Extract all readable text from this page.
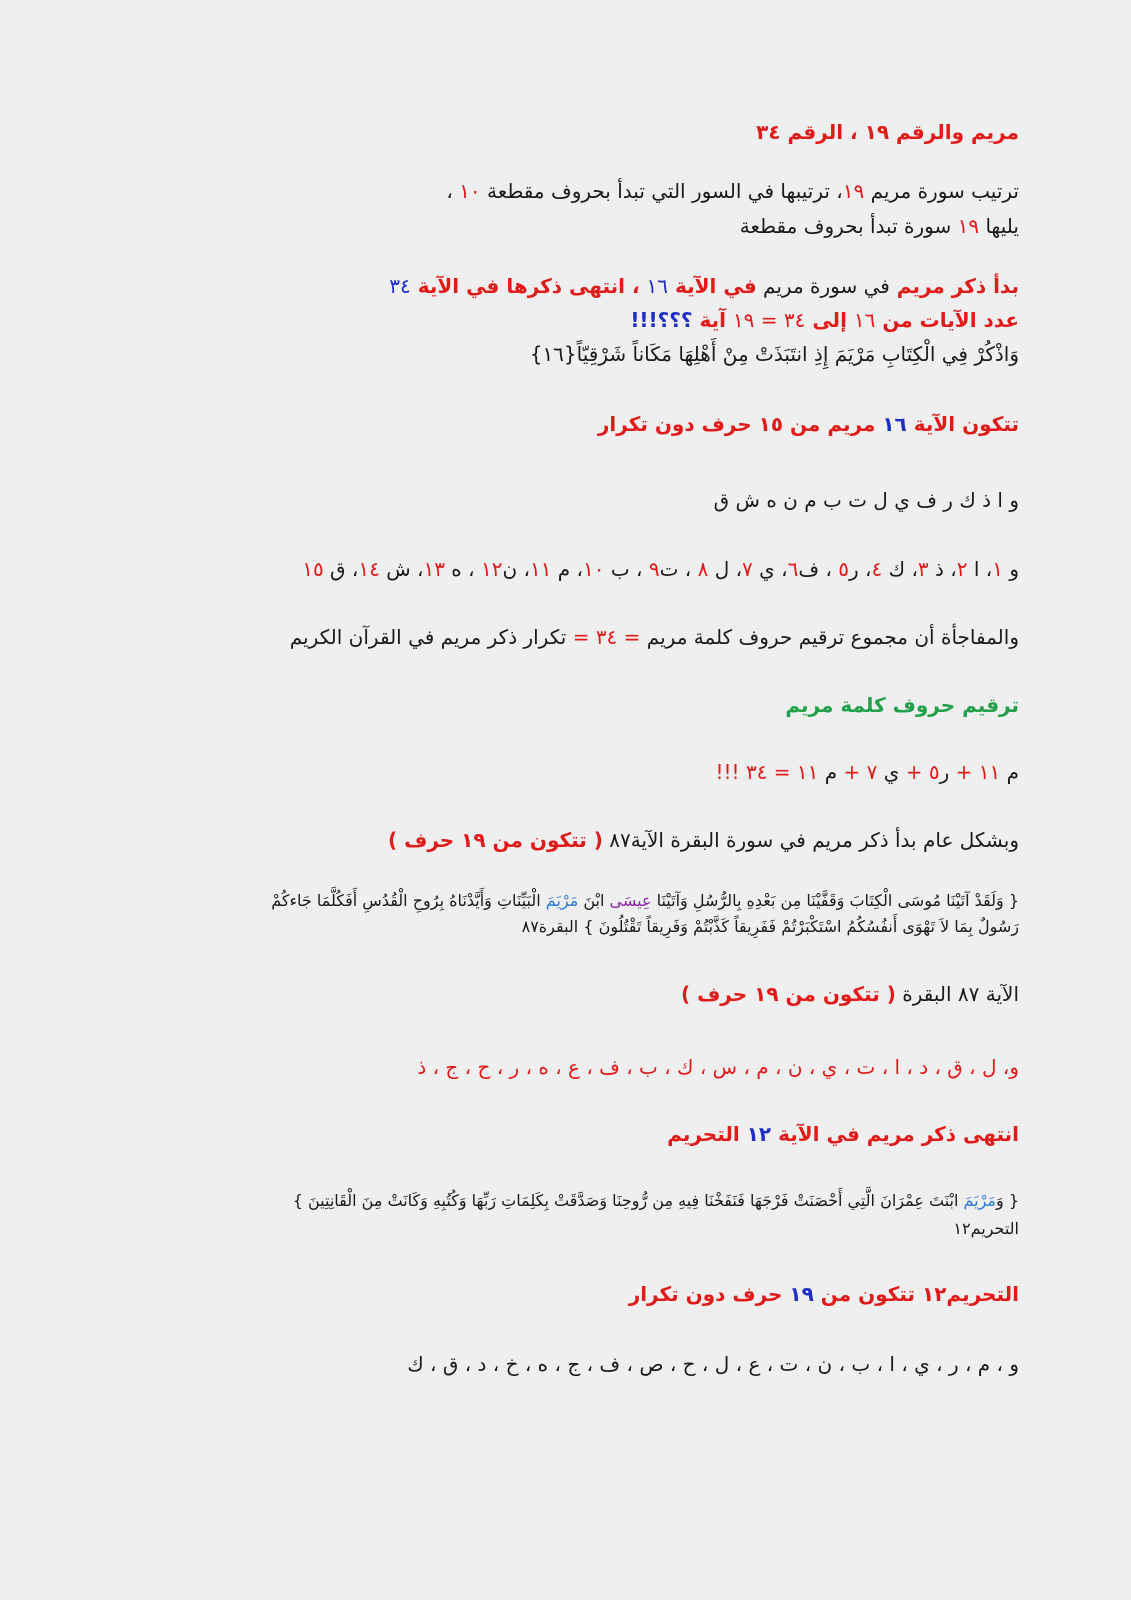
مريم والرقم ١٩ ، الرقم ٣٤
ترتيب سورة مريم ١٩، ترتيبها في السور التي تبدأ بحروف مقطعة ١٠ ،
يليها ١٩ سورة تبدأ بحروف مقطعة
بدأ ذكر مريم في سورة مريم في الآية ١٦ ، انتهى ذكرها في الآية ٣٤
عدد الآيات من ١٦ إلى ٣٤ = ١٩ آية ؟؟؟!!!
وَاذْكُرْ فِي الْكِتَابِ مَرْيَمَ إِذِ انتَبَذَتْ مِنْ أَهْلِهَا مَكَاناً شَرْقِيّاً{١٦}
تتكون الآية ١٦ مريم من ١٥ حرف دون تكرار
و ا ذ ك ر ف ي ل ت ب م ن ه ش ق
و ١، ا ٢، ذ ٣، ك ٤، ر٥ ، ف٦، ي ٧، ل ٨ ، ت٩ ، ب ١٠، م ١١، ن١٢ ، ه ١٣، ش ١٤، ق ١٥
والمفاجأة أن مجموع ترقيم حروف كلمة مريم = ٣٤ = تكرار ذكر مريم في القرآن الكريم
ترقيم حروف كلمة مريم
م ١١ + ر٥ + ي ٧ + م ١١ = ٣٤ !!!
وبشكل عام بدأ ذكر مريم في سورة البقرة الآية٨٧ ( تتكون من ١٩ حرف )
{ وَلَقَدْ آتَيْنَا مُوسَى الْكِتَابَ وَقَفَّيْنَا مِن بَعْدِهِ بِالرُّسُلِ وَآتَيْنَا عِيسَى ابْنَ مَرْيَمَ الْبَيِّنَاتِ وَأَيَّدْنَاهُ بِرُوحِ الْقُدُسِ أَفَكُلَّمَا جَاءكُمْ
رَسُولٌ بِمَا لاَ تَهْوَى أَنفُسُكُمُ اسْتَكْبَرْتُمْ فَفَرِيقاً كَذَّبْتُمْ وَفَرِيقاً تَقْتُلُونَ } البقرة٨٧
الآية ٨٧ البقرة ( تتكون من ١٩ حرف )
و، ل ، ق ، د ، ا ، ت ، ي ، ن ، م ، س ، ك ، ب ، ف ، ع ، ه ، ر ، ح ، ج ، ذ
انتهى ذكر مريم في الآية ١٢ التحريم
{ وَمَرْيَمَ ابْنَتَ عِمْرَانَ الَّتِي أَحْصَنَتْ فَرْجَهَا فَنَفَخْنَا فِيهِ مِن رُّوحِنَا وَصَدَّقَتْ بِكَلِمَاتِ رَبِّهَا وَكُتُبِهِ وَكَانَتْ مِنَ الْقَانِتِينَ }
التحريم١٢
التحريم١٢ تتكون من ١٩ حرف دون تكرار
و ، م ، ر ، ي ، ا ، ب ، ن ، ت ، ع ، ل ، ح ، ص ، ف ، ج ، ه ، خ ، د ، ق ، ك
